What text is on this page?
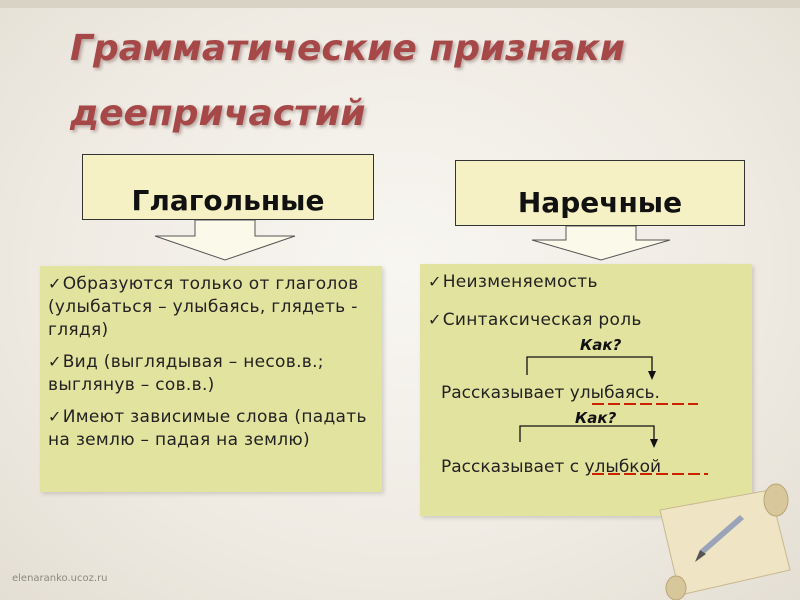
Грамматические признаки
деепричастий
Глагольные	Наречные

✓Образуются только от глаголов (улыбаться – улыбаясь, глядеть - глядя)

✓Вид (выглядывая – несов.в.; выглянув – сов.в.)

✓Имеют зависимые слова (падать на землю – падая на землю)

✓Неизменяемость

✓Синтаксическая роль

Как?
Рассказывает улыбаясь.
Как?
Рассказывает с улыбкой
elenaranko.ucoz.ru
